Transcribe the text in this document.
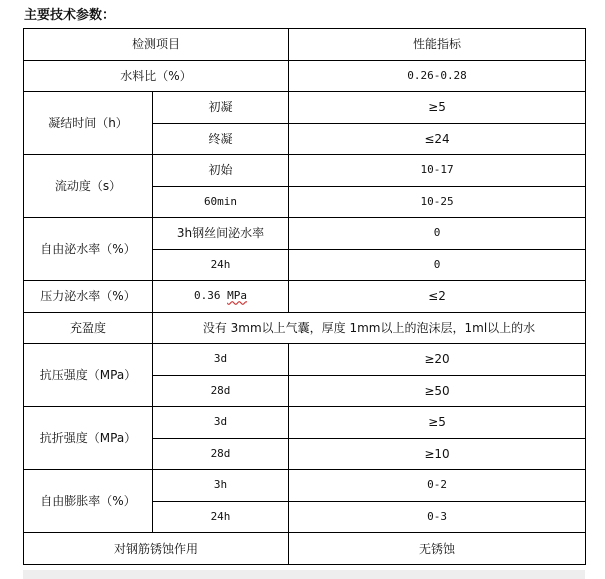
主要技术参数：
检测项目		性能指标
水料比（%）		0.26-0.28
凝结时间（h）	初凝	≥5
	终凝	≤24
流动度（s）	初始	10-17
	60min	10-25
自由泌水率（%）	3h钢丝间泌水率	0
	24h	0
压力泌水率（%）	0.36 MPa	≤2
充盈度	没有 3mm以上气囊，厚度 1mm以上的泡沫层，1ml以上的水	
抗压强度（MPa）	3d	≥20
	28d	≥50
抗折强度（MPa）	3d	≥5
	28d	≥10
自由膨胀率（%）	3h	0-2
	24h	0-3
对钢筋锈蚀作用		无锈蚀
